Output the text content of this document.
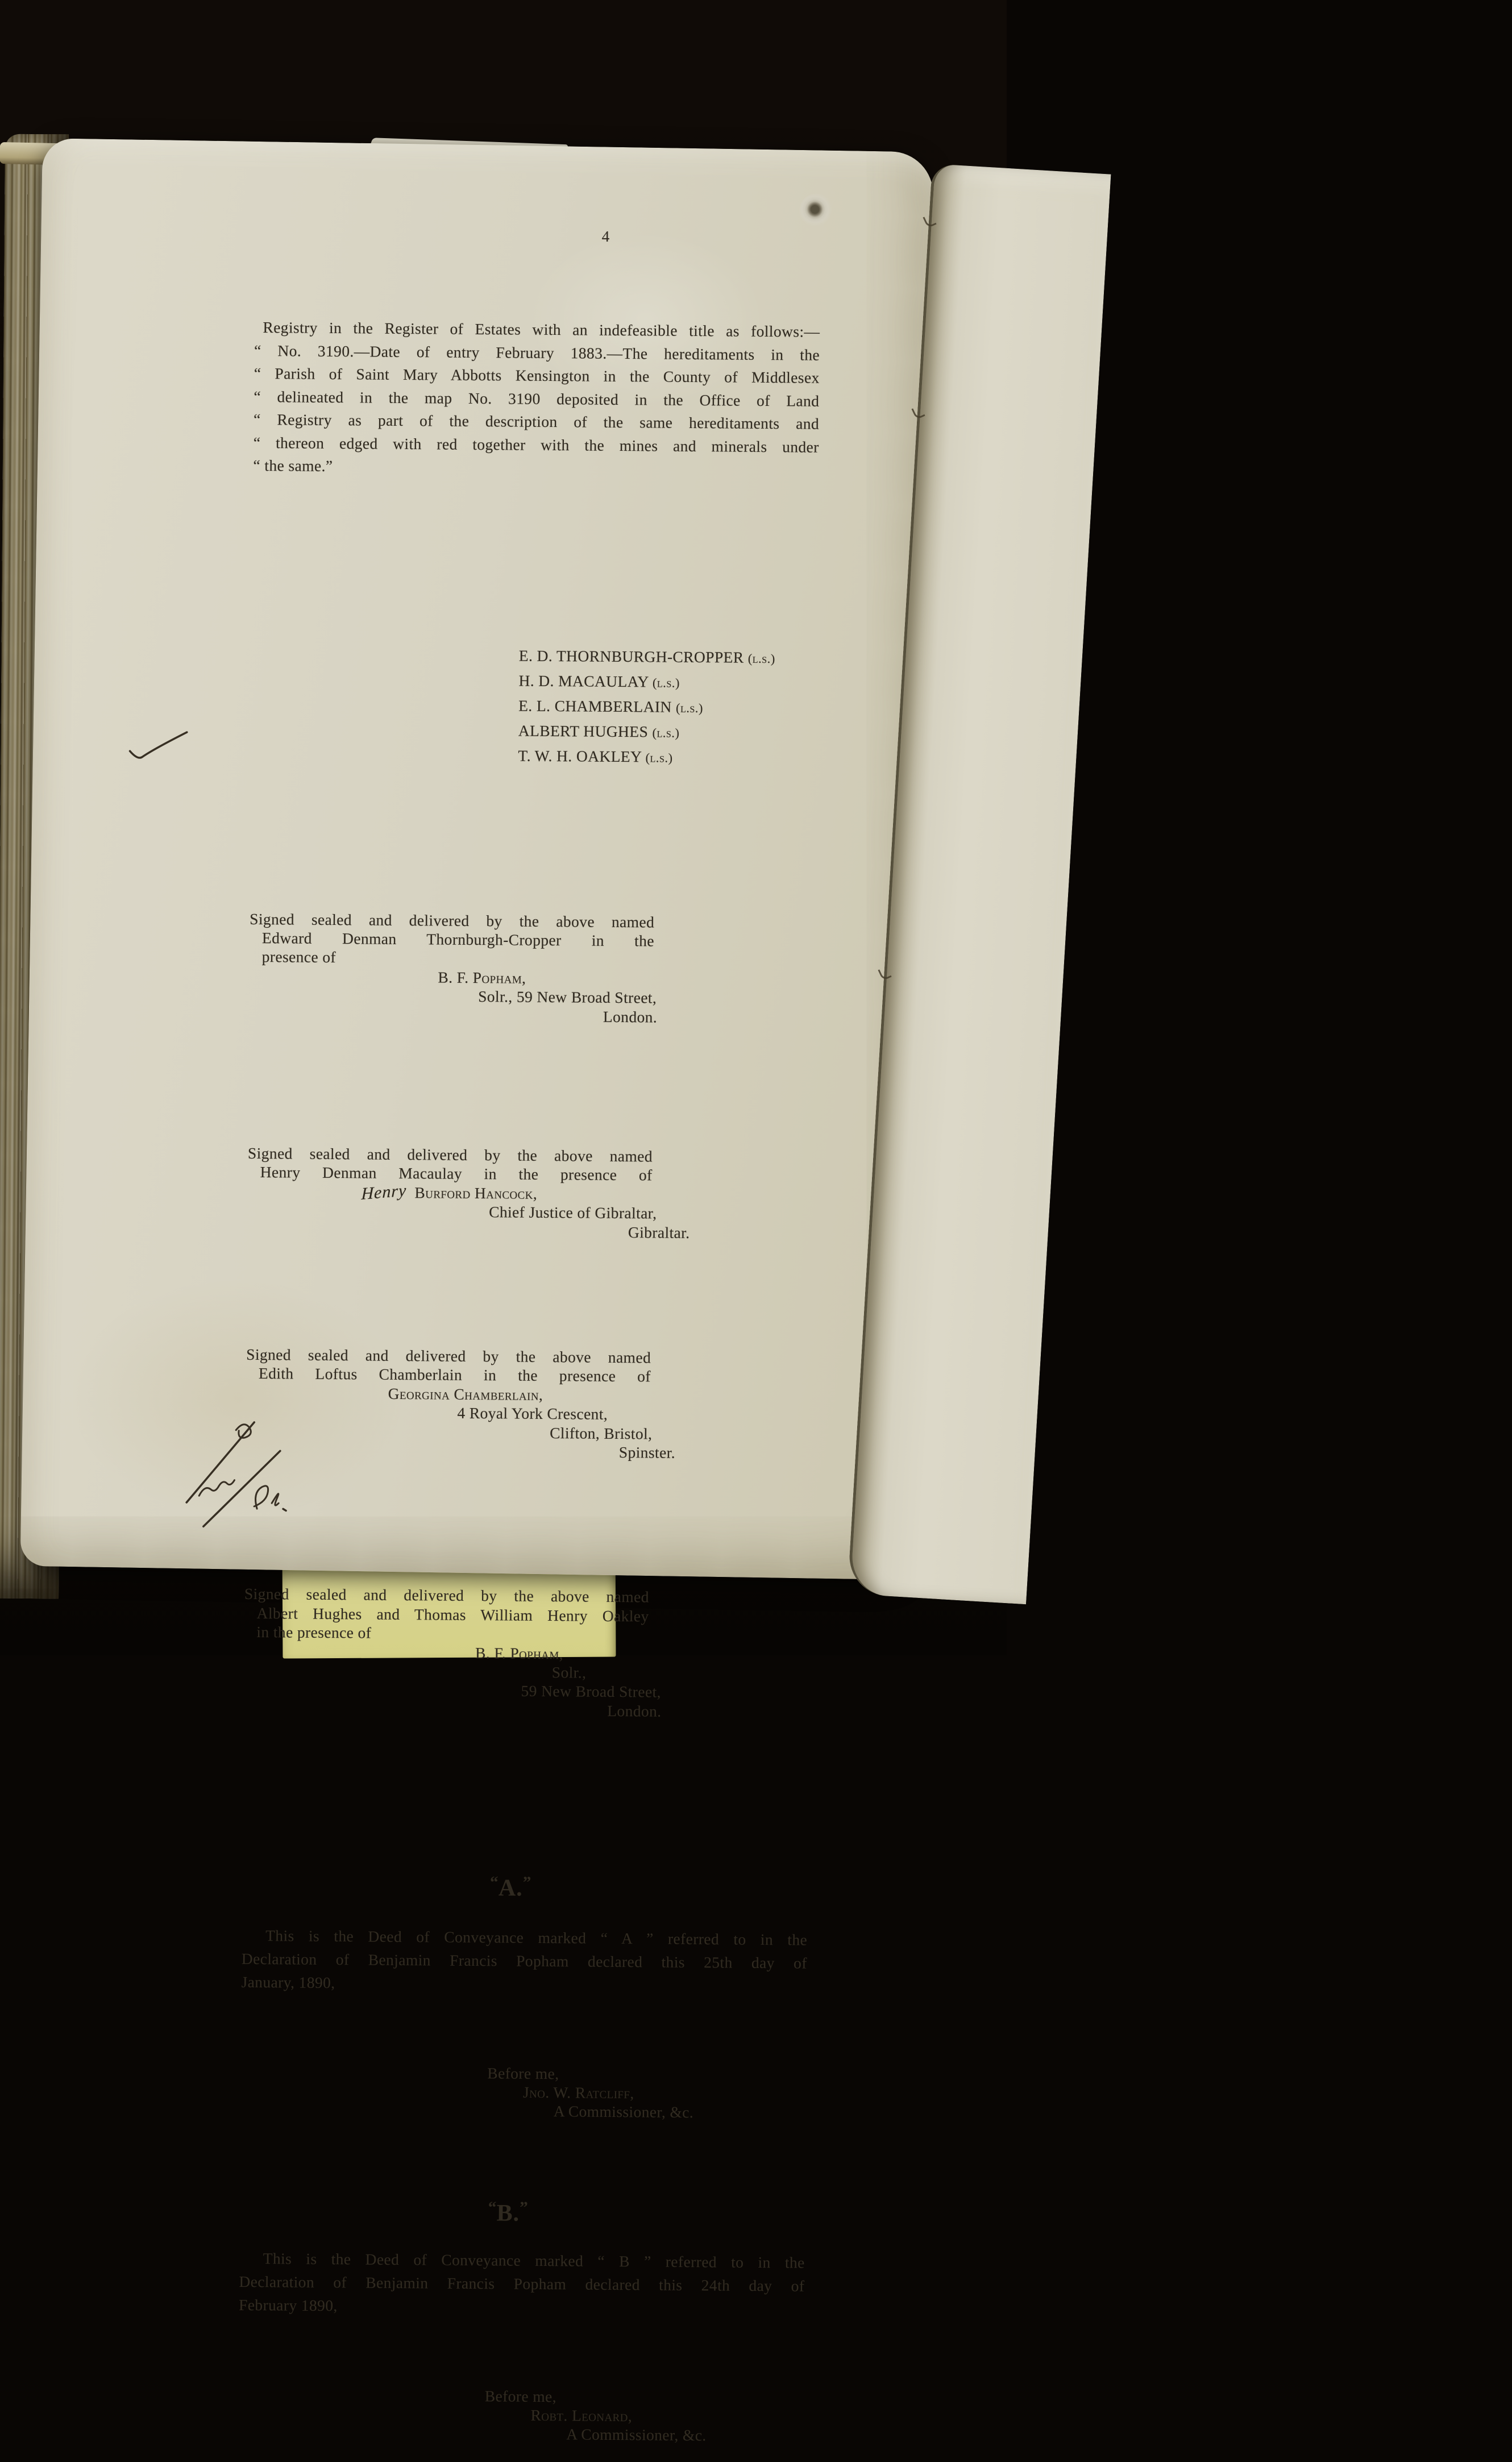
4
Registry in the Register of Estates with an indefeasible title as follows:—
“ No. 3190.—Date of entry February 1883.—The hereditaments in the
“ Parish of Saint Mary Abbotts Kensington in the County of Middlesex
“ delineated in the map No. 3190 deposited in the Office of Land
“ Registry as part of the description of the same hereditaments and
“ thereon edged with red together with the mines and minerals under
“ the same.”
E. D. THORNBURGH-CROPPER (l.s.)
H. D. MACAULAY (l.s.)
E. L. CHAMBERLAIN (l.s.)
ALBERT HUGHES (l.s.)
T. W. H. OAKLEY (l.s.)
Signed sealed and delivered by the above named
Edward Denman Thornburgh-Cropper in the
presence of
B. F. Popham,
Solr., 59 New Broad Street,
London.
Signed sealed and delivered by the above named
Henry Denman Macaulay in the presence of
Henry Burford Hancock,
Chief Justice of Gibraltar,
Gibraltar.
Signed sealed and delivered by the above named
Edith Loftus Chamberlain in the presence of
Georgina Chamberlain,
4 Royal York Crescent,
Clifton, Bristol,
Spinster.
Signed sealed and delivered by the above named
Albert Hughes and Thomas William Henry Oakley
in the presence of
B. F. Popham,
Solr.,
59 New Broad Street,
London.
“A.”
This is the Deed of Conveyance marked “ A ” referred to in the
Declaration of Benjamin Francis Popham declared this 25th day of
January, 1890,
Before me,
Jno. W. Ratcliff,
A Commissioner, &c.
“B.”
This is the Deed of Conveyance marked “ B ” referred to in the
Declaration of Benjamin Francis Popham declared this 24th day of
February 1890,
Before me,
Robt. Leonard,
A Commissioner, &c.
